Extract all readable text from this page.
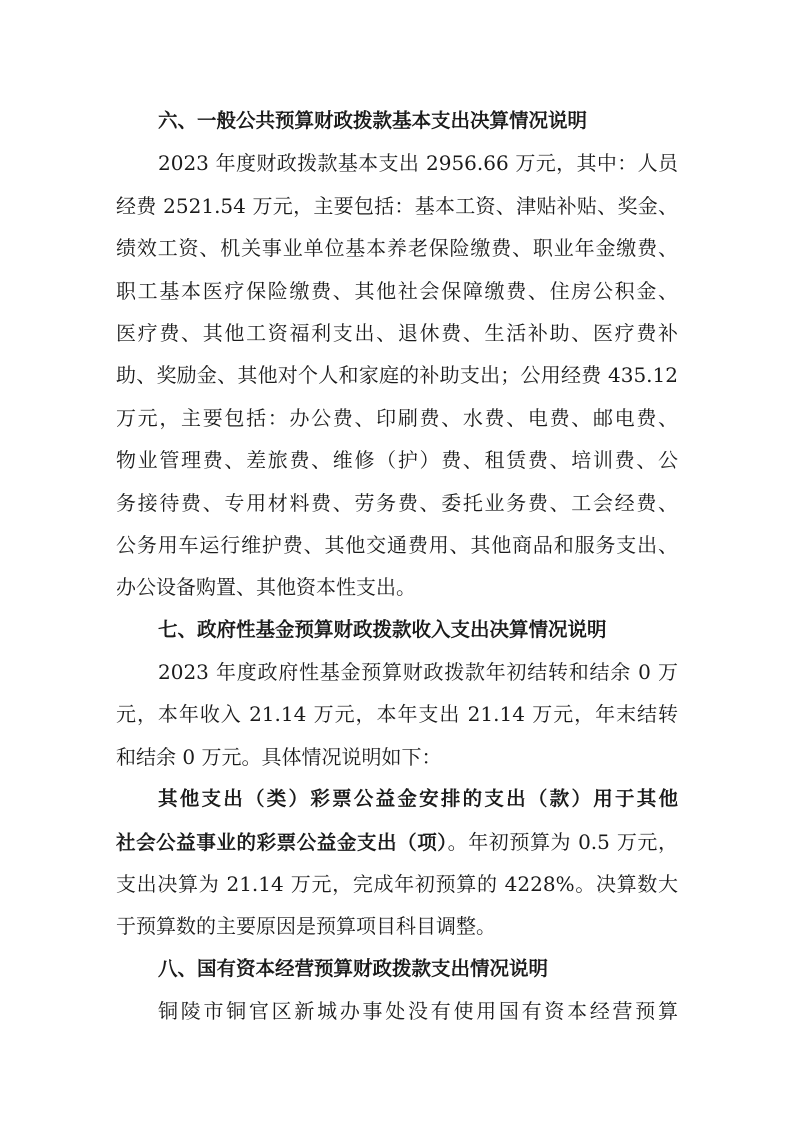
六、一般公共预算财政拨款基本支出决算情况说明
2023 年度财政拨款基本支出 2956.66 万元，其中：人员
经费 2521.54 万元，主要包括：基本工资、津贴补贴、奖金、
绩效工资、机关事业单位基本养老保险缴费、职业年金缴费、
职工基本医疗保险缴费、其他社会保障缴费、住房公积金、
医疗费、其他工资福利支出、退休费、生活补助、医疗费补
助、奖励金、其他对个人和家庭的补助支出；公用经费 435.12
万元，主要包括：办公费、印刷费、水费、电费、邮电费、
物业管理费、差旅费、维修（护）费、租赁费、培训费、公
务接待费、专用材料费、劳务费、委托业务费、工会经费、
公务用车运行维护费、其他交通费用、其他商品和服务支出、
办公设备购置、其他资本性支出。
七、政府性基金预算财政拨款收入支出决算情况说明
2023 年度政府性基金预算财政拨款年初结转和结余 0 万
元，本年收入 21.14 万元，本年支出 21.14 万元，年末结转
和结余 0 万元。具体情况说明如下：
其他支出（类）彩票公益金安排的支出（款）用于其他
社会公益事业的彩票公益金支出（项）。年初预算为 0.5 万元，
支出决算为 21.14 万元，完成年初预算的 4228%。决算数大
于预算数的主要原因是预算项目科目调整。
八、国有资本经营预算财政拨款支出情况说明
铜陵市铜官区新城办事处没有使用国有资本经营预算
